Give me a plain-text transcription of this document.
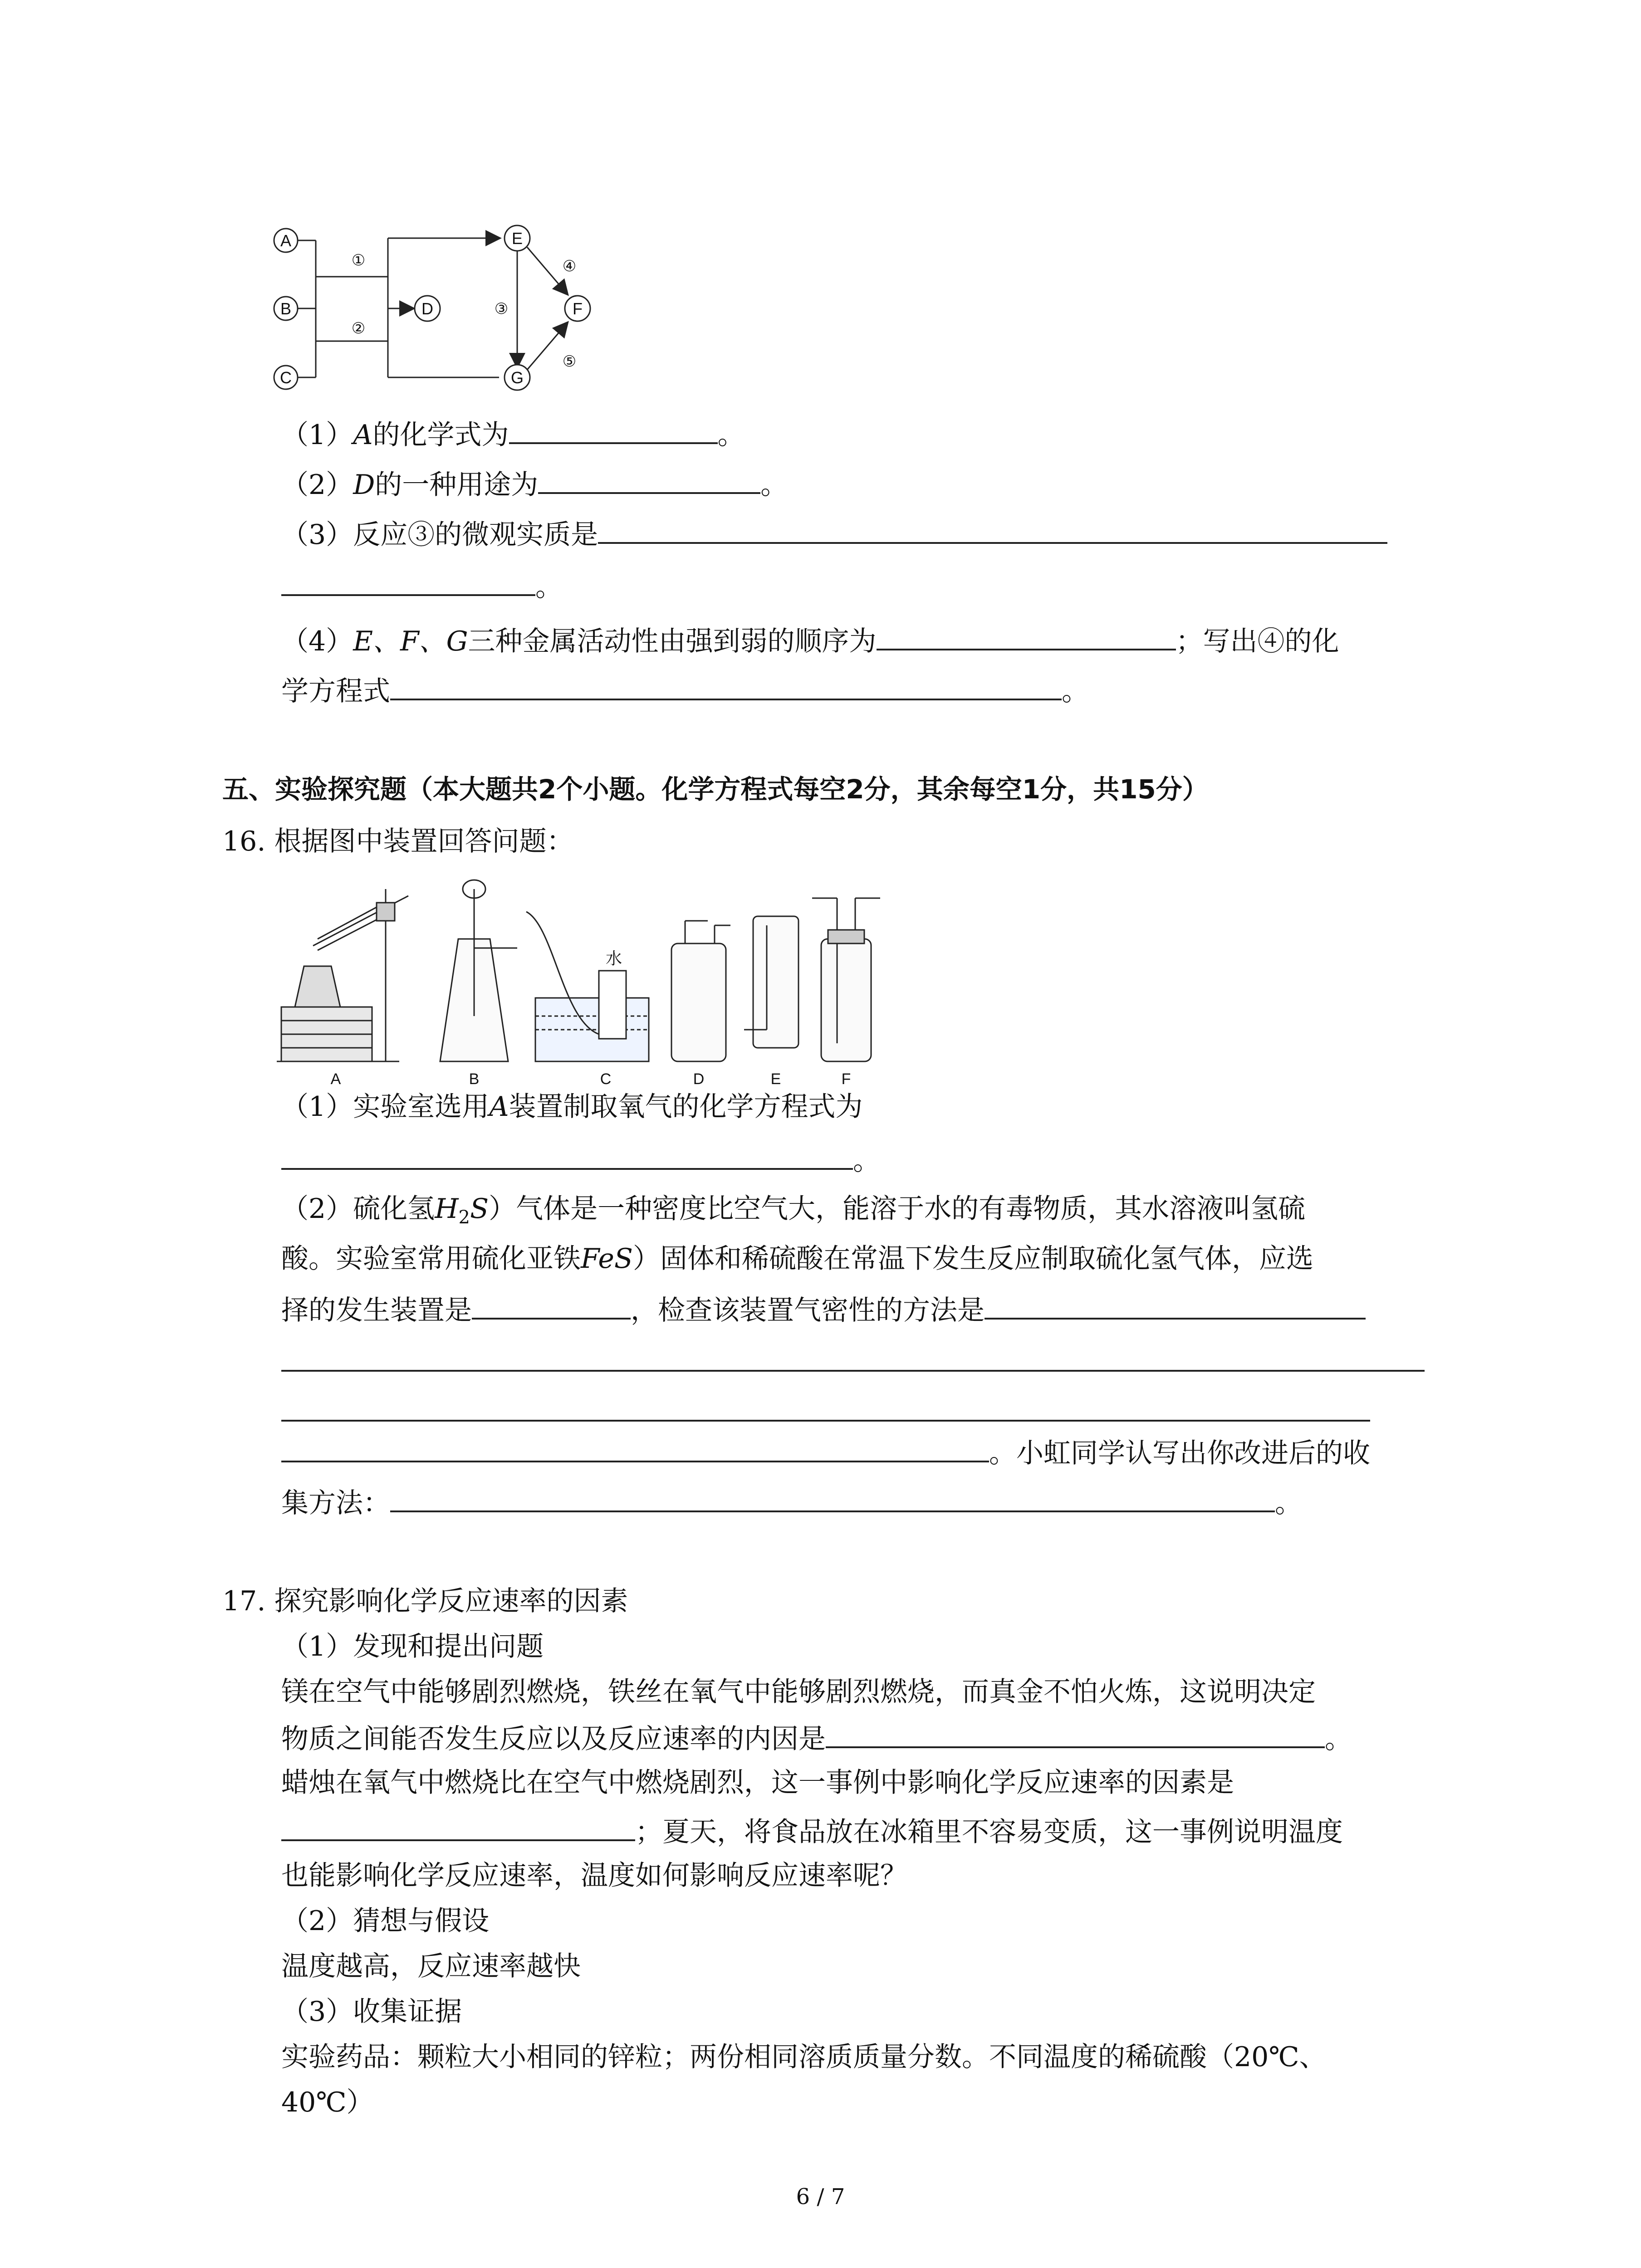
A
B
C
D
E
F
G
①
②
③
④
⑤
（1）A的化学式为	。
（2）D的一种用途为	。
（3）反应③的微观实质是
。
（4）E、F、G三种金属活动性由强到弱的顺序为	；写出④的化
学方程式	。
五、实验探究题（本大题共2个小题。化学方程式每空2分，其余每空1分，共15分）
16. 根据图中装置回答问题：
水
A	B	C	D	E	F
（1）实验室选用A装置制取氧气的化学方程式为
。
（2）硫化氢$H_2S$）气体是一种密度比空气大，能溶于水的有毒物质，其水溶液叫氢硫
酸。实验室常用硫化亚铁FeS）固体和稀硫酸在常温下发生反应制取硫化氢气体，应选
择的发生装置是	，检查该装置气密性的方法是
。小虹同学认写出你改进后的收
集方法：	。
17. 探究影响化学反应速率的因素
（1）发现和提出问题
镁在空气中能够剧烈燃烧，铁丝在氧气中能够剧烈燃烧，而真金不怕火炼，这说明决定
物质之间能否发生反应以及反应速率的内因是	。
蜡烛在氧气中燃烧比在空气中燃烧剧烈，这一事例中影响化学反应速率的因素是
；夏天，将食品放在冰箱里不容易变质，这一事例说明温度
也能影响化学反应速率，温度如何影响反应速率呢？
（2）猜想与假设
温度越高，反应速率越快
（3）收集证据
实验药品：颗粒大小相同的锌粒；两份相同溶质质量分数。不同温度的稀硫酸（20℃、
40℃）
6 / 7
